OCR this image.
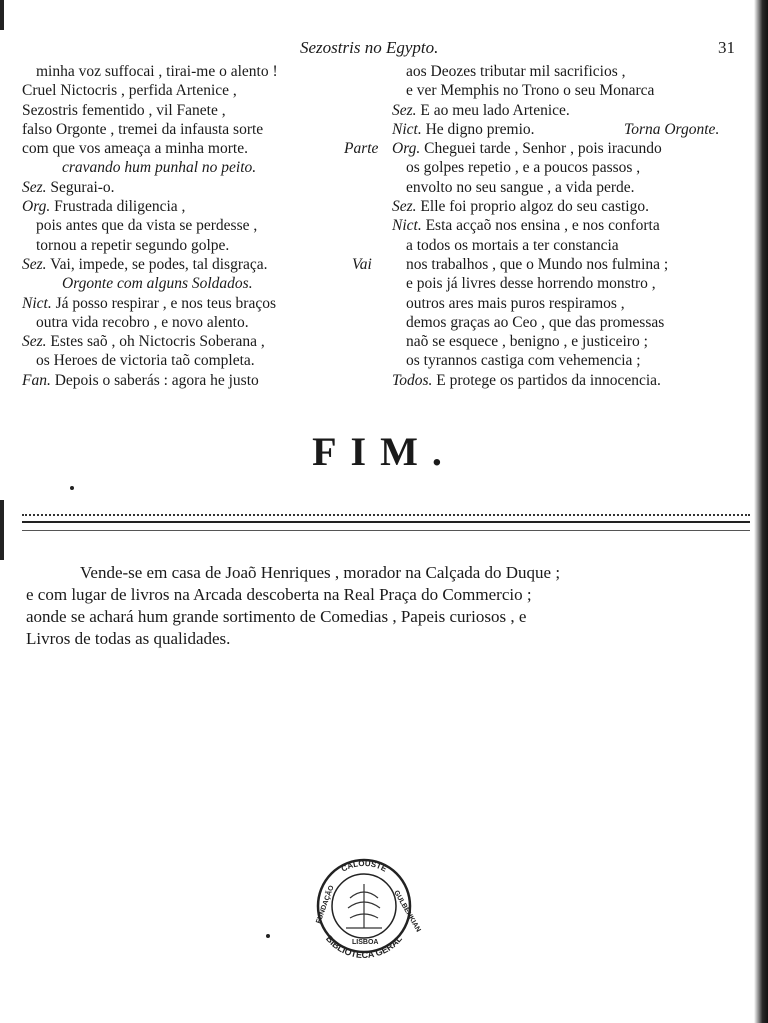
Sezostris no Egypto.	31
minha voz suffocai , tirai-me o alento !
Cruel Nictocris , perfida Artenice ,
Sezostris fementido , vil Fanete ,
falso Orgonte , tremei da infausta sorte
com que vos ameaça a minha morte.	Parte
cravando hum punhal no peito.
Sez. Segurai-o.
Org. Frustrada diligencia ,
pois antes que da vista se perdesse ,
tornou a repetir segundo golpe.
Sez. Vai, impede, se podes, tal disgraça.	Vai
Orgonte com alguns Soldados.
Nict. Já posso respirar , e nos teus braços
outra vida recobro , e novo alento.
Sez. Estes saõ , oh Nictocris Soberana ,
os Heroes de victoria taõ completa.
Fan. Depois o saberás : agora he justo
aos Deozes tributar mil sacrificios ,
e ver Memphis no Trono o seu Monarca
Sez. E ao meu lado Artenice.
Nict. He digno premio.	Torna Orgonte.
Org. Cheguei tarde , Senhor , pois iracundo
os golpes repetio , e a poucos passos ,
envolto no seu sangue , a vida perde.
Sez. Elle foi proprio algoz do seu castigo.
Nict. Esta acçaõ nos ensina , e nos conforta
a todos os mortais a ter constancia
nos trabalhos , que o Mundo nos fulmina ;
e pois já livres desse horrendo monstro ,
outros ares mais puros respiramos ,
demos graças ao Ceo , que das promessas
naõ se esquece , benigno , e justiceiro ;
os tyrannos castiga com vehemencia ;
Todos. E protege os partidos da innocencia.
FIM.
Vende-se em casa de Joaõ Henriques , morador na Calçada do Duque ;
e com lugar de livros na Arcada descoberta na Real Praça do Commercio ;
aonde se achará hum grande sortimento de Comedias , Papeis curiosos , e
Livros de todas as qualidades.
CALOUSTE
GULBENKIAN
FUNDAÇÃO
LISBOA
BIBLIOTECA GERAL
